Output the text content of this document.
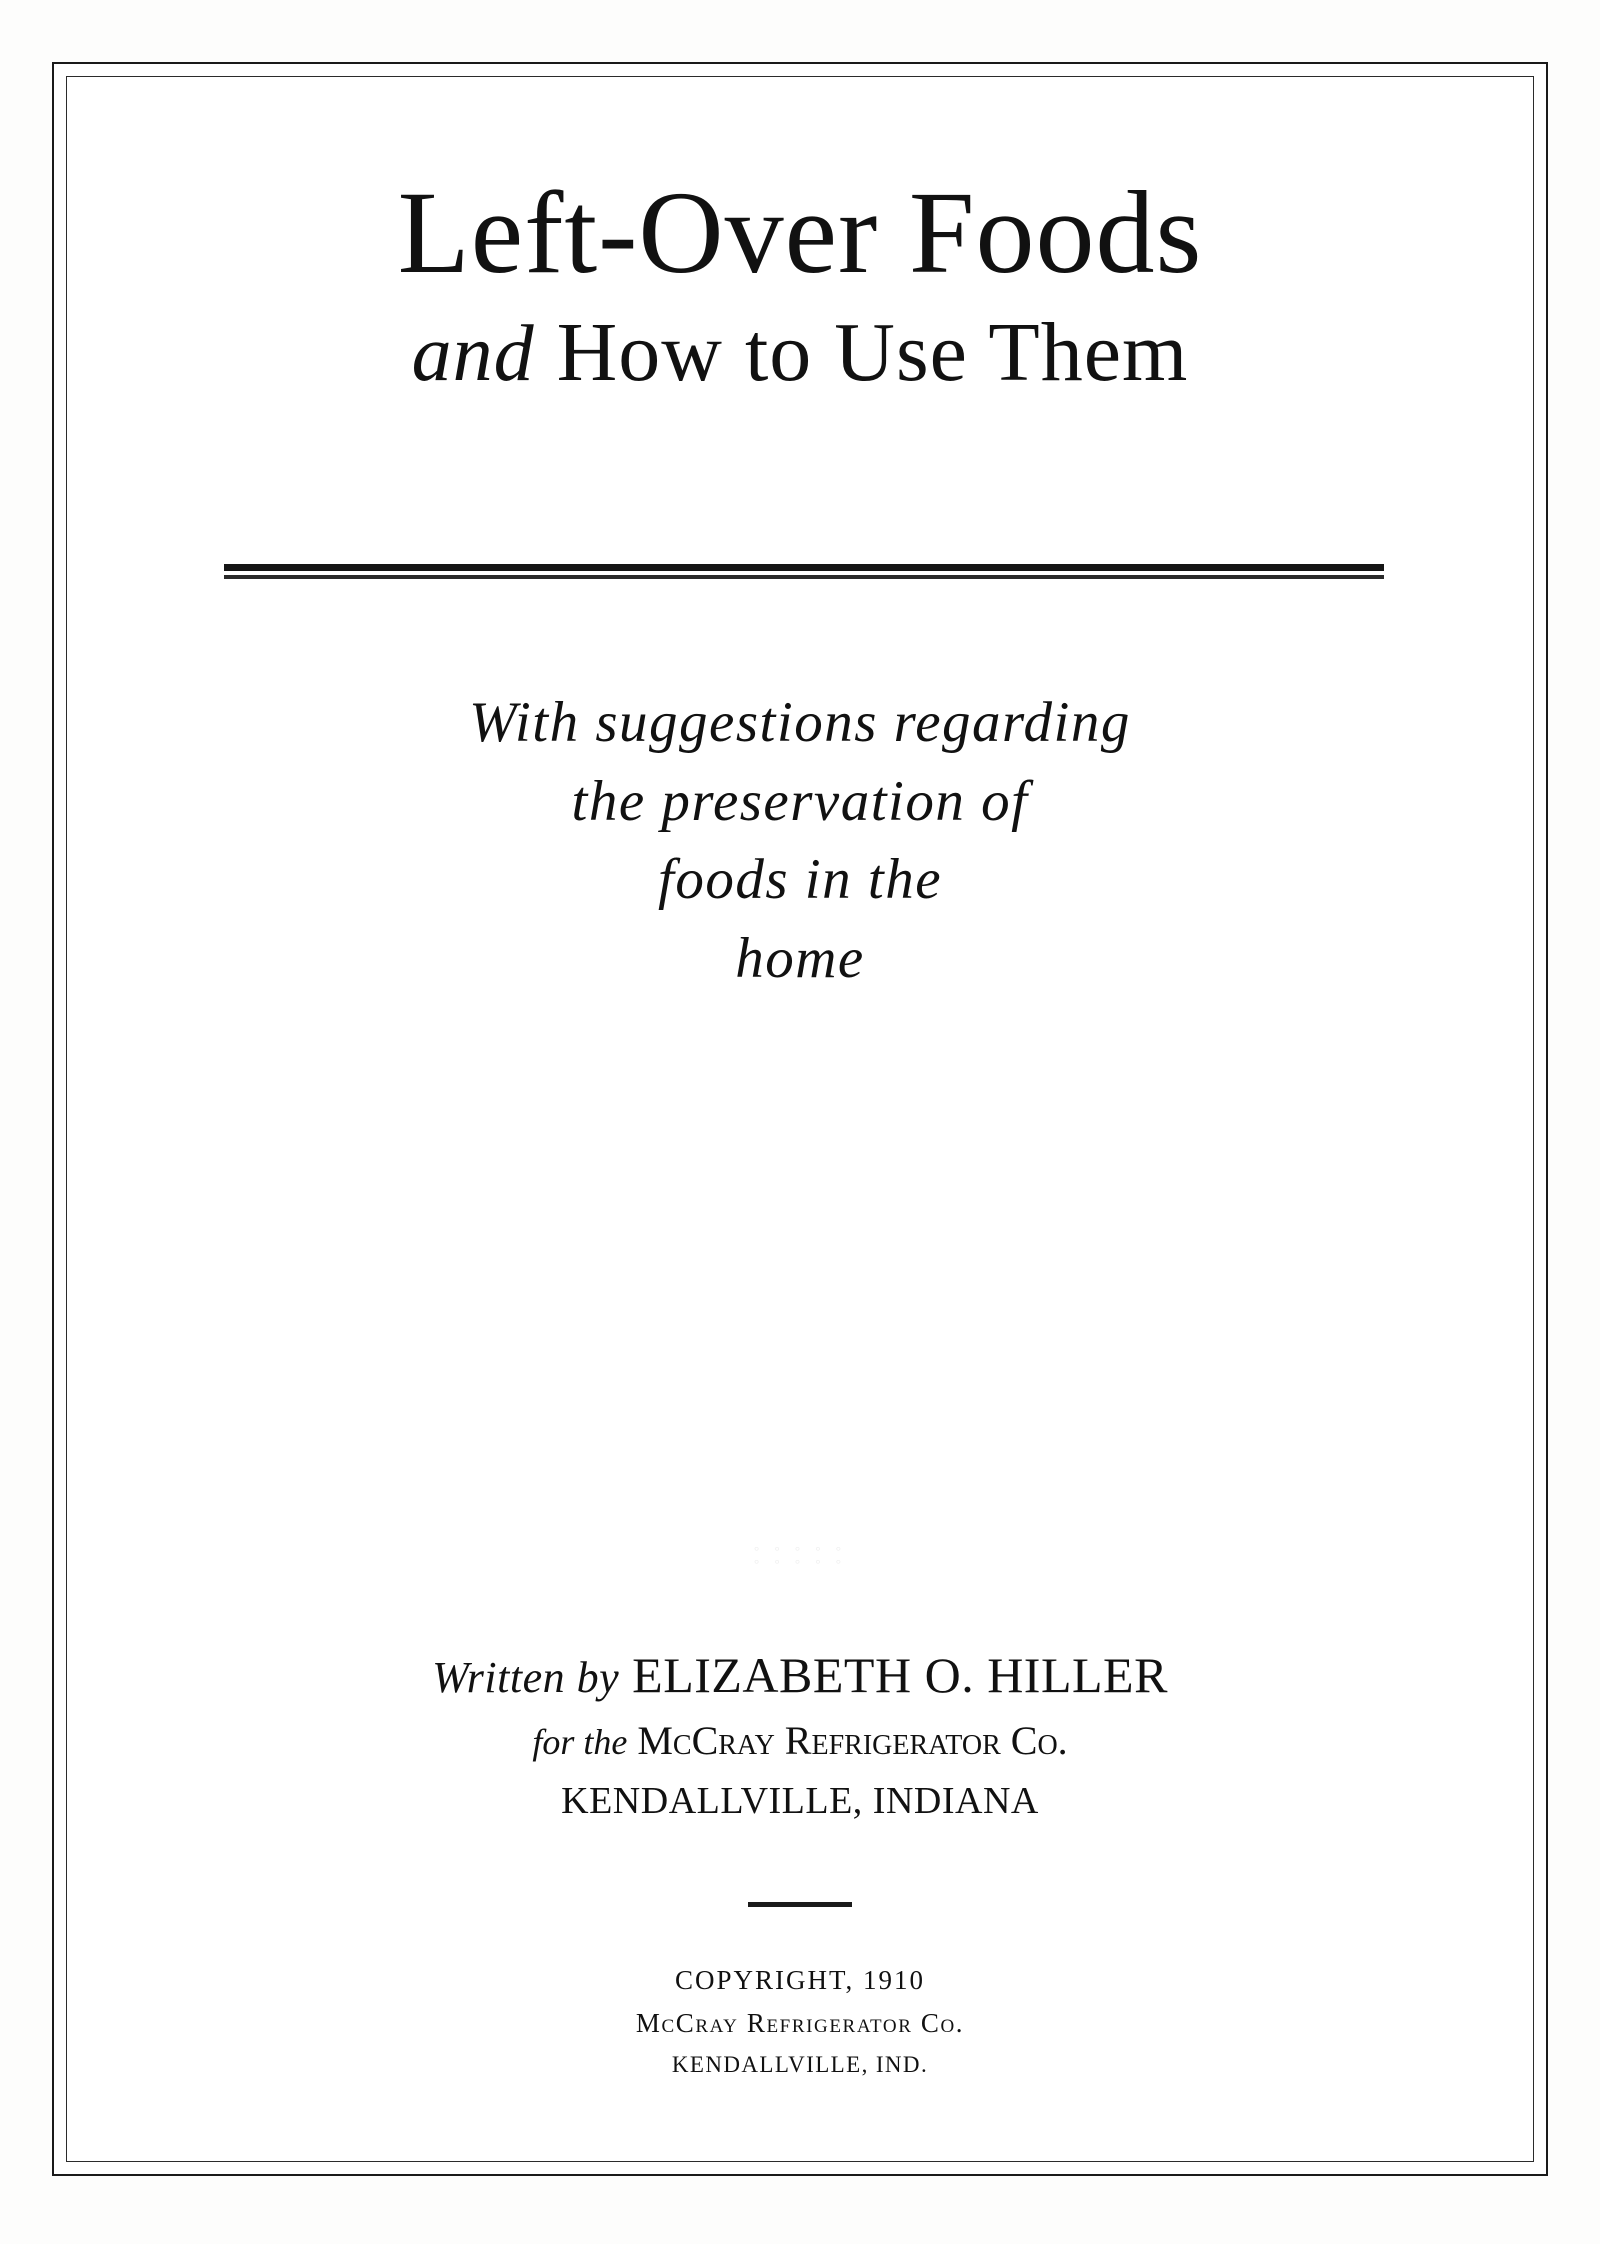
Left-Over Foods
and How to Use Them
With suggestions regarding
the preservation of
foods in the
home
° ° ° ° ° ° ° ° ° °
Written by ELIZABETH O. HILLER
for the McCray Refrigerator Co.
KENDALLVILLE, INDIANA
COPYRIGHT, 1910
McCray Refrigerator Co.
KENDALLVILLE, IND.
